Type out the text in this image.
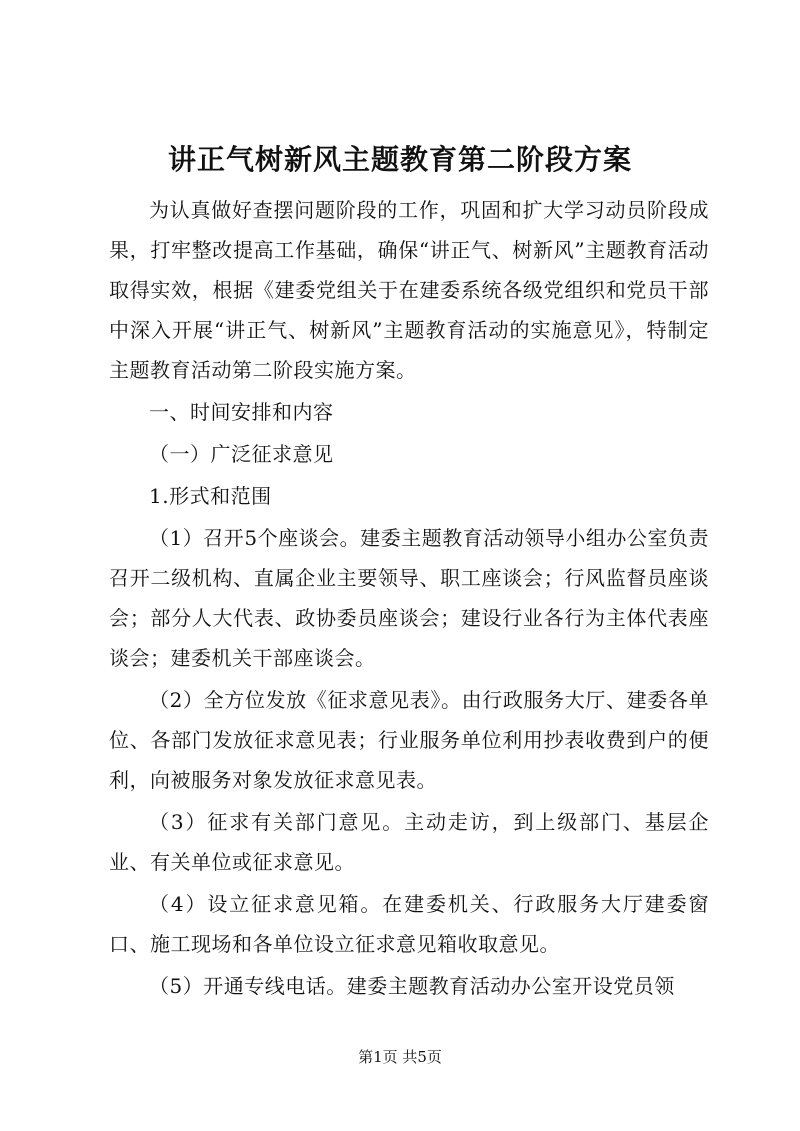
讲正气树新风主题教育第二阶段方案

为认真做好查摆问题阶段的工作，巩固和扩大学习动员阶段成果，打牢整改提高工作基础，确保“讲正气、树新风”主题教育活动取得实效，根据《建委党组关于在建委系统各级党组织和党员干部中深入开展“讲正气、树新风”主题教育活动的实施意见》，特制定主题教育活动第二阶段实施方案。

一、时间安排和内容

（一）广泛征求意见

1.形式和范围

（1）召开5个座谈会。建委主题教育活动领导小组办公室负责召开二级机构、直属企业主要领导、职工座谈会；行风监督员座谈会；部分人大代表、政协委员座谈会；建设行业各行为主体代表座谈会；建委机关干部座谈会。

（2）全方位发放《征求意见表》。由行政服务大厅、建委各单位、各部门发放征求意见表；行业服务单位利用抄表收费到户的便利，向被服务对象发放征求意见表。

（3）征求有关部门意见。主动走访，到上级部门、基层企业、有关单位或征求意见。

（4）设立征求意见箱。在建委机关、行政服务大厅建委窗口、施工现场和各单位设立征求意见箱收取意见。

（5）开通专线电话。建委主题教育活动办公室开设党员领

第1页 共5页
